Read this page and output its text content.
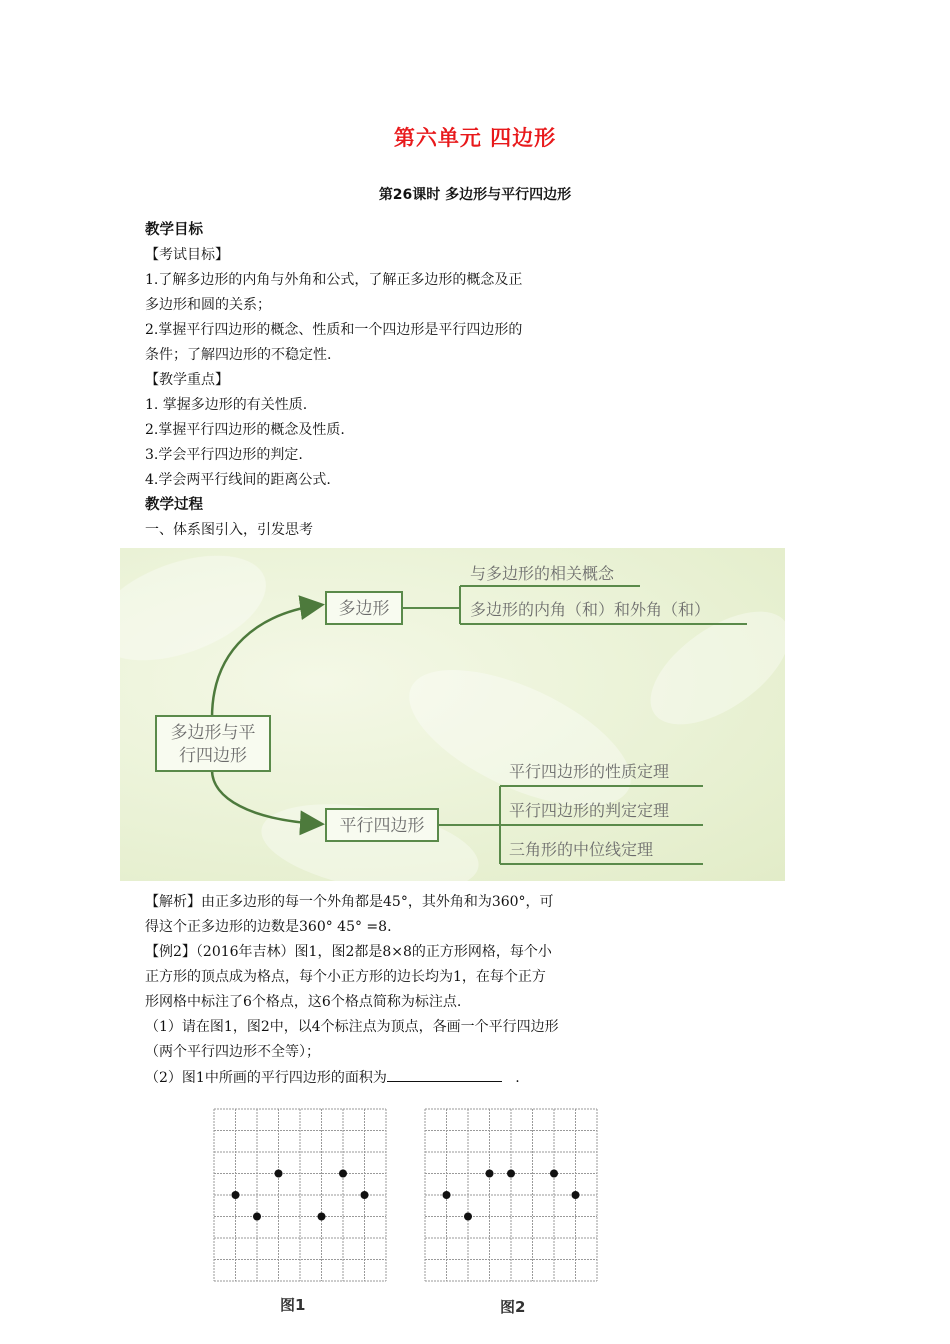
第六单元 四边形
第26课时 多边形与平行四边形
教学目标
【考试目标】
1.了解多边形的内角与外角和公式，了解正多边形的概念及正
多边形和圆的关系；
2.掌握平行四边形的概念、性质和一个四边形是平行四边形的
条件；了解四边形的不稳定性.
【教学重点】
1. 掌握多边形的有关性质.
2.掌握平行四边形的概念及性质.
3.学会平行四边形的判定.
4.学会两平行线间的距离公式.
教学过程
一、体系图引入，引发思考
多边形与平
行四边形
多边形
与多边形的相关概念
多边形的内角（和）和外角（和）
平行四边形
平行四边形的性质定理
平行四边形的判定定理
三角形的中位线定理
【解析】由正多边形的每一个外角都是45°，其外角和为360°，可
得这个正多边形的边数是360° 45° =8.
【例2】（2016年吉林）图1，图2都是8×8的正方形网格，每个小
正方形的顶点成为格点，每个小正方形的边长均为1，在每个正方
形网格中标注了6个格点，这6个格点简称为标注点.
（1）请在图1，图2中，以4个标注点为顶点，各画一个平行四边形
（两个平行四边形不全等）；
（2）图1中所画的平行四边形的面积为	.
图1	图2
